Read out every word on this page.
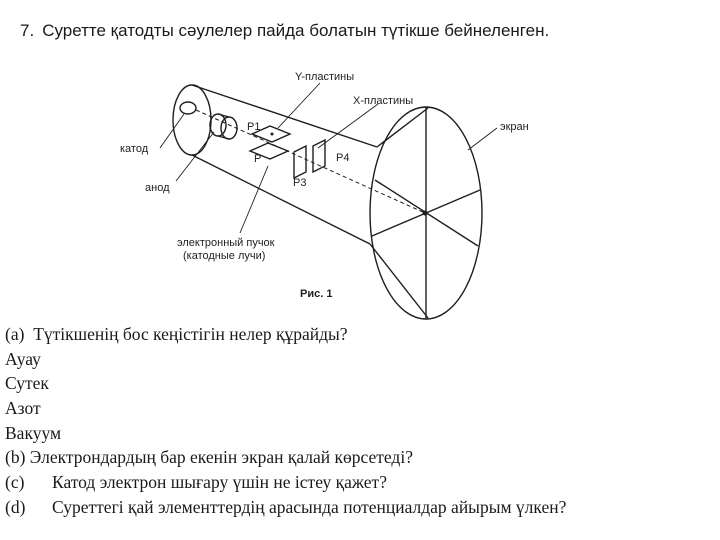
7. Суретте қатодты сәулелер пайда болатын түтікше бейнеленген.
Y-пластины
X-пластины
экран
катод
анод
P1
P
P3
P4
электронный пучок
(катодные лучи)
Рис. 1
(a) Түтікшенің бос кеңістігін нелер құрайды?
Ауау
Сутек
Азот
Вакуум
(b) Электрондардың бар екенін экран қалай көрсетеді?
(c) Катод электрон шығару үшін не істеу қажет?
(d) Суреттегі қай элементтердің арасында потенциалдар айырым үлкен?
